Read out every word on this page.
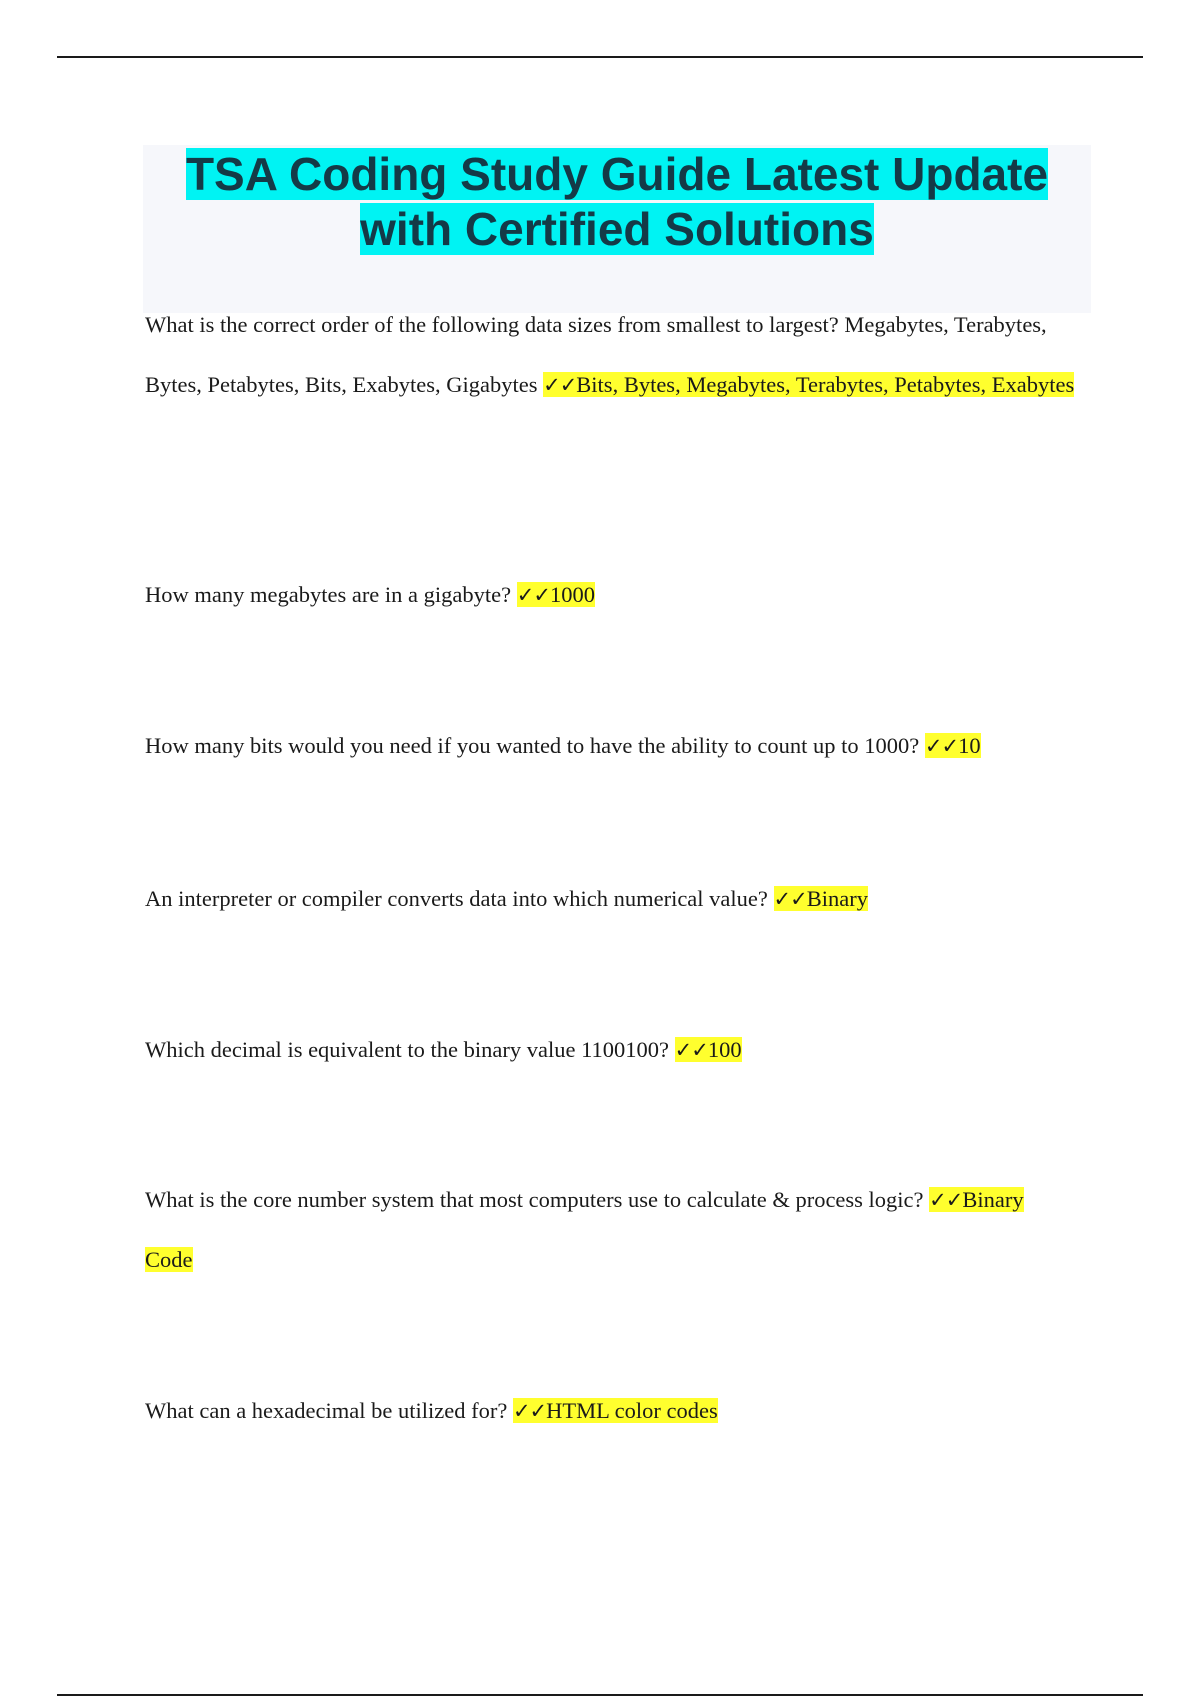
TSA Coding Study Guide Latest Update
with Certified Solutions

What is the correct order of the following data sizes from smallest to largest? Megabytes, Terabytes, Bytes, Petabytes, Bits, Exabytes, Gigabytes ✓✓Bits, Bytes, Megabytes, Terabytes, Petabytes, Exabytes

How many megabytes are in a gigabyte? ✓✓1000

How many bits would you need if you wanted to have the ability to count up to 1000? ✓✓10

An interpreter or compiler converts data into which numerical value? ✓✓Binary

Which decimal is equivalent to the binary value 1100100? ✓✓100

What is the core number system that most computers use to calculate & process logic? ✓✓Binary Code

What can a hexadecimal be utilized for? ✓✓HTML color codes
